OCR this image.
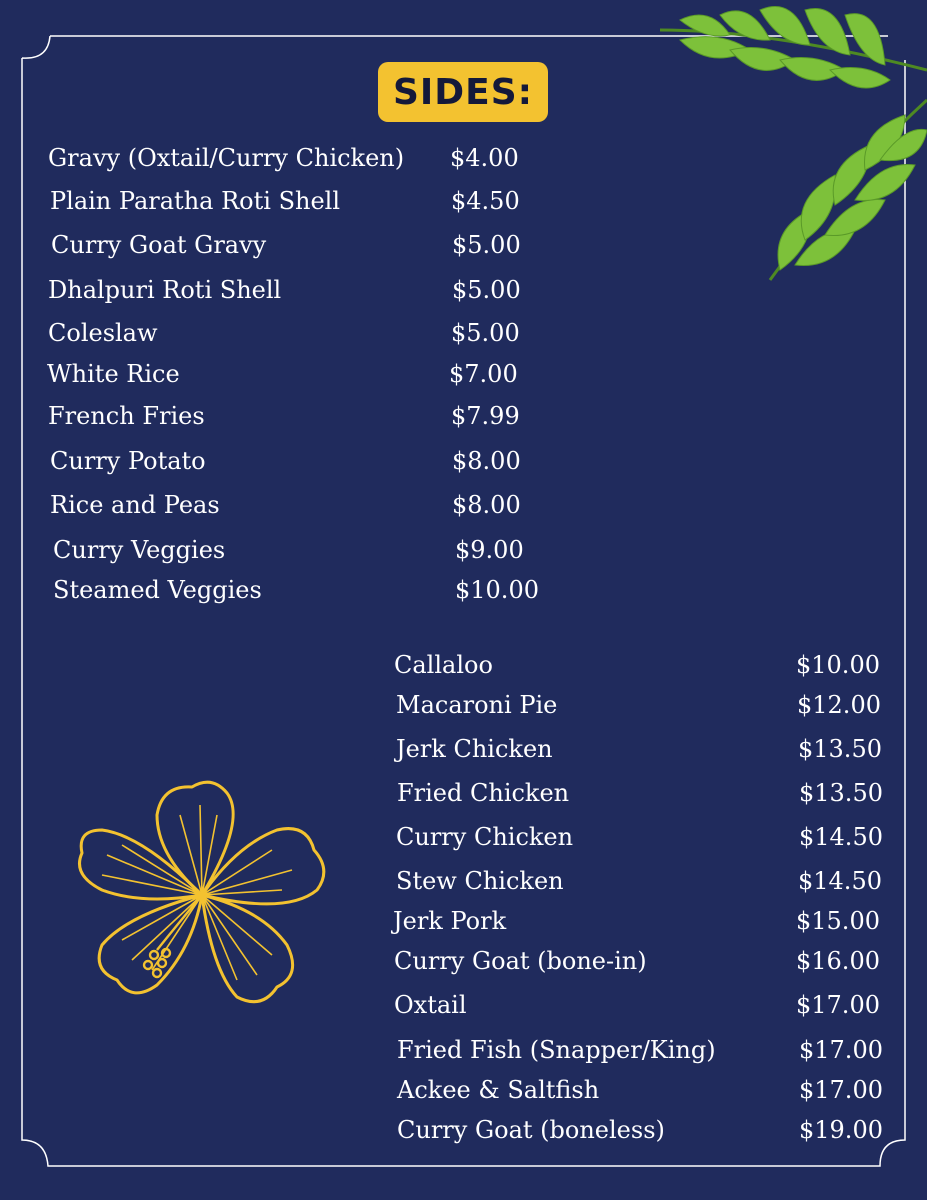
SIDES:
Gravy (Oxtail/Curry Chicken) $4.00
Plain Paratha Roti Shell	$4.50
Curry Goat Gravy	$5.00
Dhalpuri Roti Shell	$5.00
Coleslaw	$5.00
White Rice	$7.00
French Fries	$7.99
Curry Potato	$8.00
Rice and Peas	$8.00
Curry Veggies	$9.00
Steamed Veggies	$10.00
Callaloo	$10.00
Macaroni Pie	$12.00
Jerk Chicken	$13.50
Fried Chicken	$13.50
Curry Chicken	$14.50
Stew Chicken	$14.50
Jerk Pork	$15.00
Curry Goat (bone-in)	$16.00
Oxtail	$17.00
Fried Fish (Snapper/King)	$17.00
Ackee & Saltfish	$17.00
Curry Goat (boneless)	$19.00
